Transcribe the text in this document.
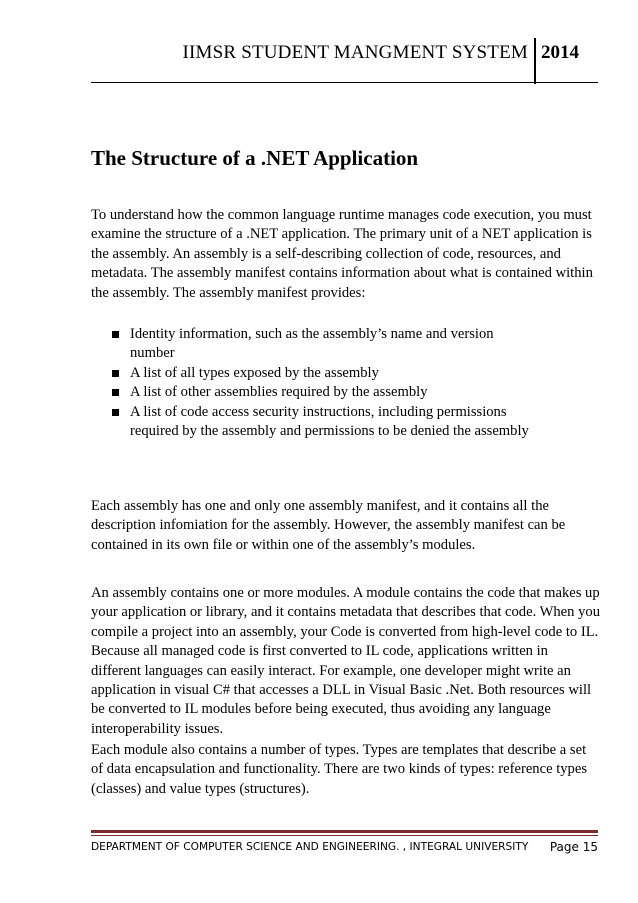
IIMSR STUDENT MANGMENT SYSTEM 2014
The Structure of a .NET Application

To understand how the common language runtime manages code execution, you must examine the structure of a .NET application. The primary unit of a NET application is the assembly. An assembly is a self-describing collection of code, resources, and metadata. The assembly manifest contains information about what is contained within the assembly. The assembly manifest provides:

Identity information, such as the assembly’s name and version number
A list of all types exposed by the assembly
A list of other assemblies required by the assembly
A list of code access security instructions, including permissions required by the assembly and permissions to be denied the assembly

Each assembly has one and only one assembly manifest, and it contains all the description infomiation for the assembly. However, the assembly manifest can be contained in its own file or within one of the assembly’s modules.

An assembly contains one or more modules. A module contains the code that makes up your application or library, and it contains metadata that describes that code. When you compile a project into an assembly, your Code is converted from high-level code to IL. Because all managed code is first converted to IL code, applications written in different languages can easily interact. For example, one developer might write an application in visual C# that accesses a DLL in Visual Basic .Net. Both resources will be converted to IL modules before being executed, thus avoiding any language interoperability issues.

Each module also contains a number of types. Types are templates that describe a set of data encapsulation and functionality. There are two kinds of types: reference types (classes) and value types (structures).

DEPARTMENT OF COMPUTER SCIENCE AND ENGINEERING. , INTEGRAL UNIVERSITY Page 15
